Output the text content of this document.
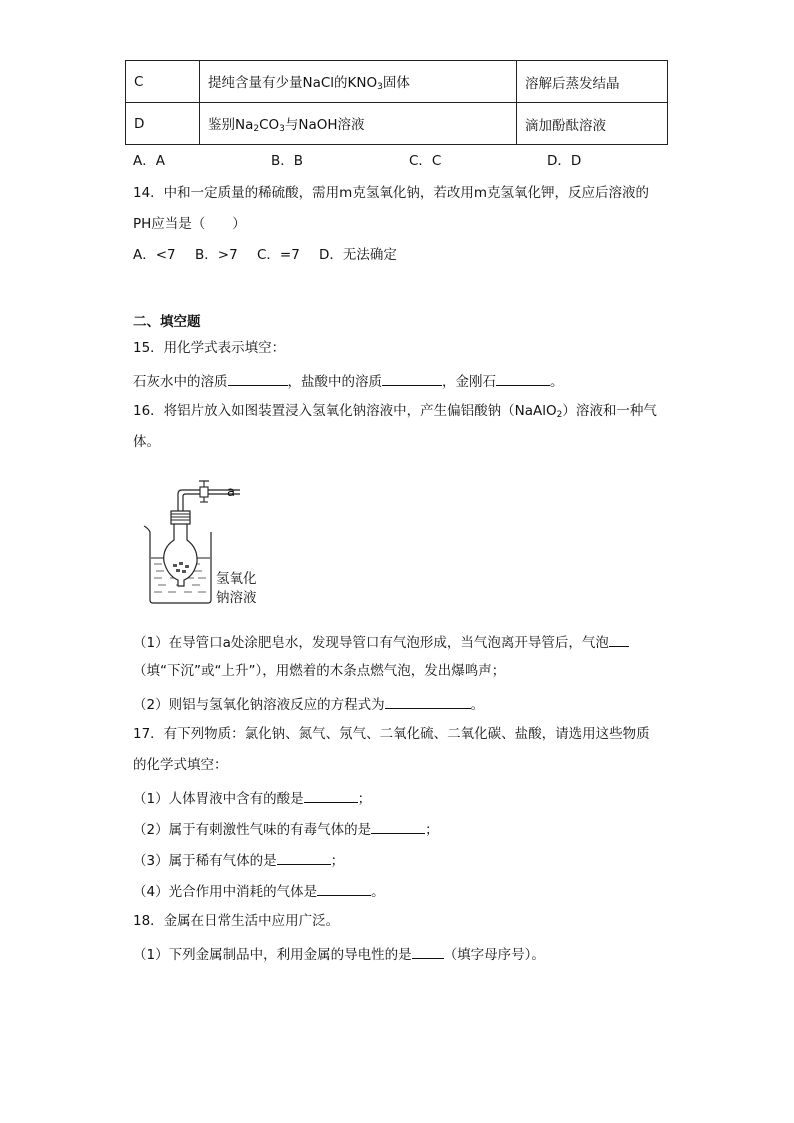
C	提纯含量有少量NaCl的$KNO_3$固体	溶解后蒸发结晶
D	鉴别$Na_2CO_3$与NaOH溶液	滴加酚酞溶液
A．A	B．B	C．C	D．D
14．中和一定质量的稀硫酸，需用m克氢氧化钠，若改用m克氢氧化钾，反应后溶液的
PH应当是（　　）
A．<7 B．>7 C．=7 D．无法确定
二、填空题
15．用化学式表示填空：
石灰水中的溶质	，盐酸中的溶质	，金刚石	。
16．将铝片放入如图装置浸入氢氧化钠溶液中，产生偏铝酸钠（NaAlO$_2$）溶液和一种气
体。
a
氢氧化
钠溶液
（1）在导管口a处涂肥皂水，发现导管口有气泡形成，当气泡离开导管后，气泡
（填“下沉”或“上升”），用燃着的木条点燃气泡，发出爆鸣声；
（2）则铝与氢氧化钠溶液反应的方程式为	。
17．有下列物质：氯化钠、氮气、氖气、二氧化硫、二氧化碳、盐酸，请选用这些物质
的化学式填空：
（1）人体胃液中含有的酸是	；
（2）属于有刺激性气味的有毒气体的是	；
（3）属于稀有气体的是	；
（4）光合作用中消耗的气体是	。
18．金属在日常生活中应用广泛。
（1）下列金属制品中，利用金属的导电性的是 （填字母序号）。
